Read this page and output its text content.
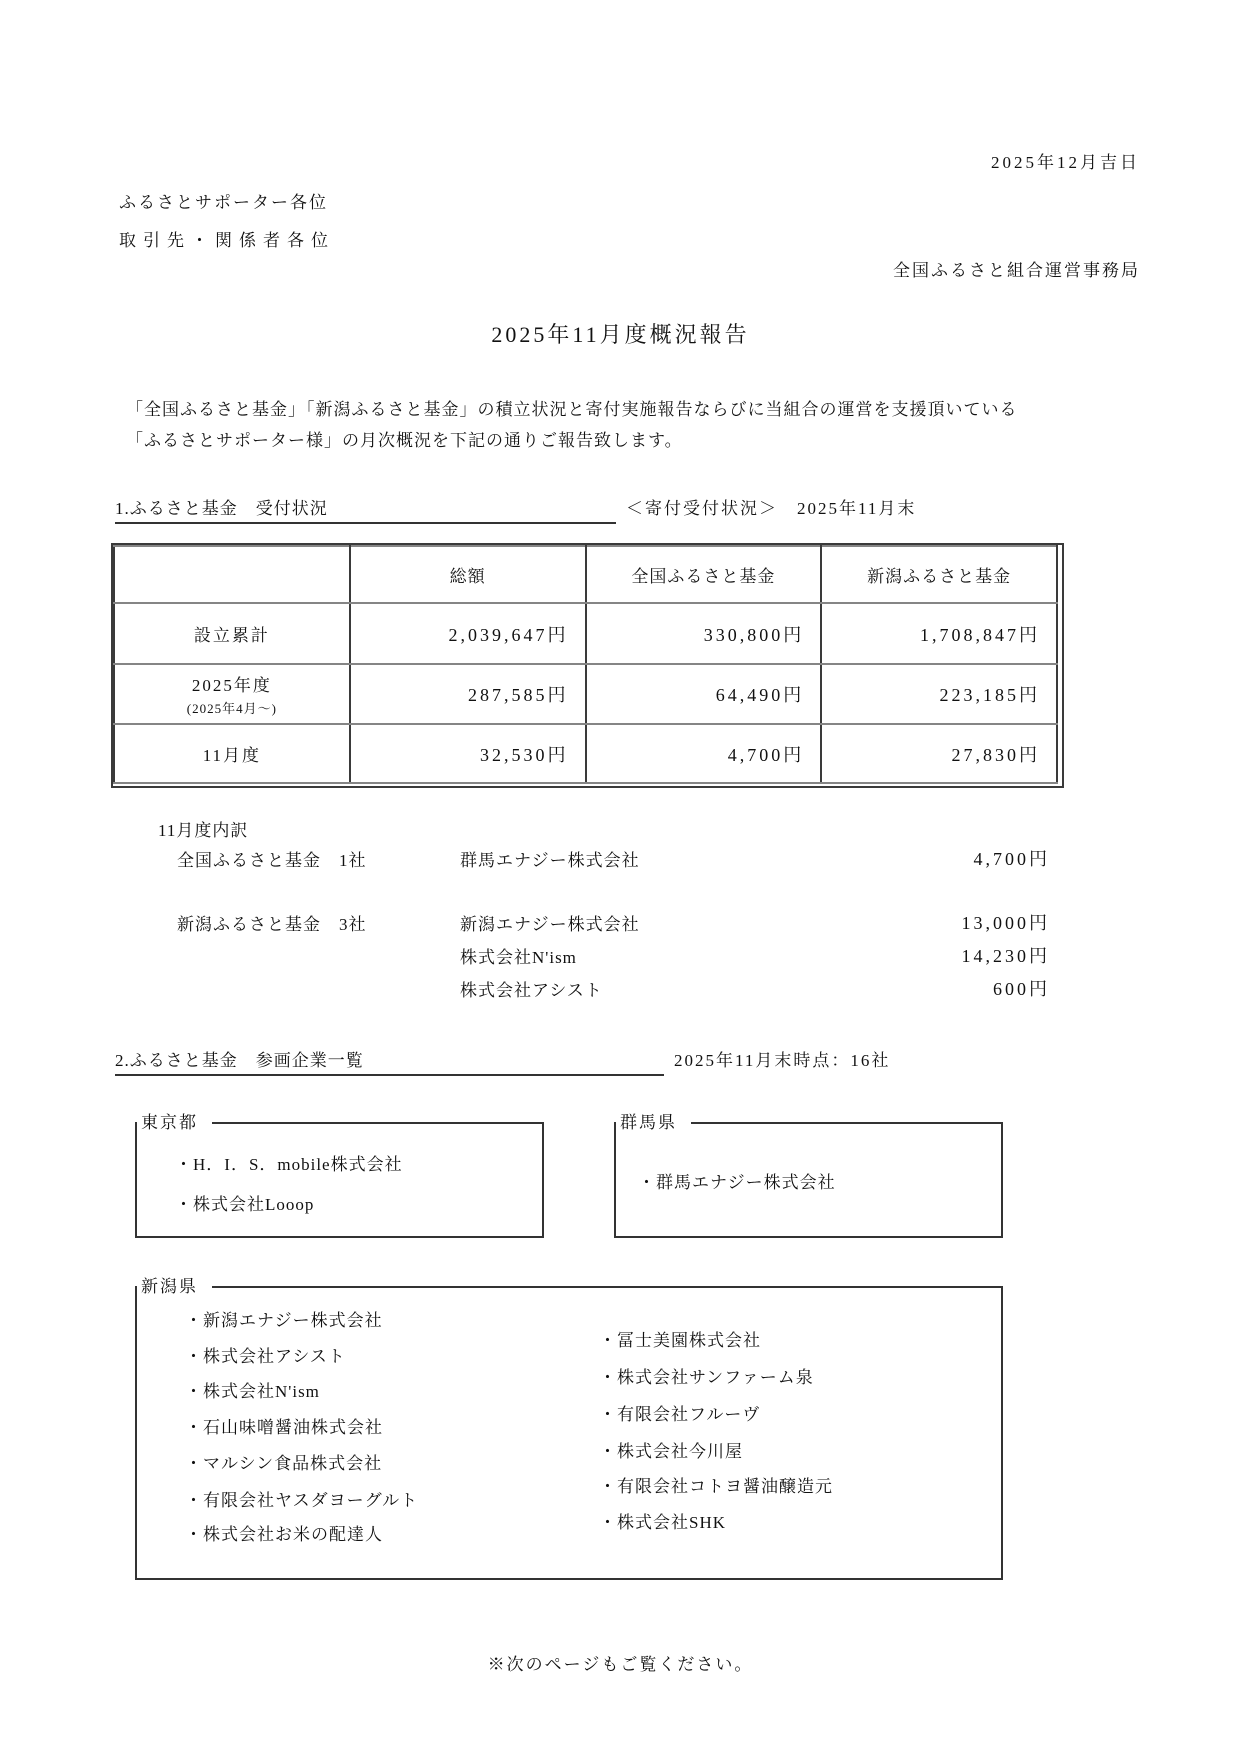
2025年12月吉日
ふるさとサポーター各位
取引先・関係者各位
全国ふるさと組合運営事務局
2025年11月度概況報告
「全国ふるさと基金」「新潟ふるさと基金」の積立状況と寄付実施報告ならびに当組合の運営を支援頂いている
「ふるさとサポーター様」の月次概況を下記の通りご報告致します。
1.ふるさと基金　受付状況	＜寄付受付状況＞　2025年11月末
	総額	全国ふるさと基金	新潟ふるさと基金
設立累計	2,039,647円	330,800円	1,708,847円
2025年度
(2025年4月～)	287,585円	64,490円	223,185円
11月度	32,530円	4,700円	27,830円
11月度内訳
全国ふるさと基金　1社	群馬エナジー株式会社	4,700円
新潟ふるさと基金　3社	新潟エナジー株式会社	13,000円
株式会社N'ism	14,230円
株式会社アシスト	600円
2.ふるさと基金　参画企業一覧	2025年11月末時点：16社
東京都
・H．I．S．mobile株式会社
・株式会社Looop
群馬県
・群馬エナジー株式会社
新潟県
・新潟エナジー株式会社
・株式会社アシスト
・株式会社N'ism
・石山味噌醤油株式会社
・マルシン食品株式会社
・有限会社ヤスダヨーグルト
・株式会社お米の配達人
・冨士美園株式会社
・株式会社サンファーム泉
・有限会社フルーヴ
・株式会社今川屋
・有限会社コトヨ醤油醸造元
・株式会社SHK
※次のページもご覧ください。
